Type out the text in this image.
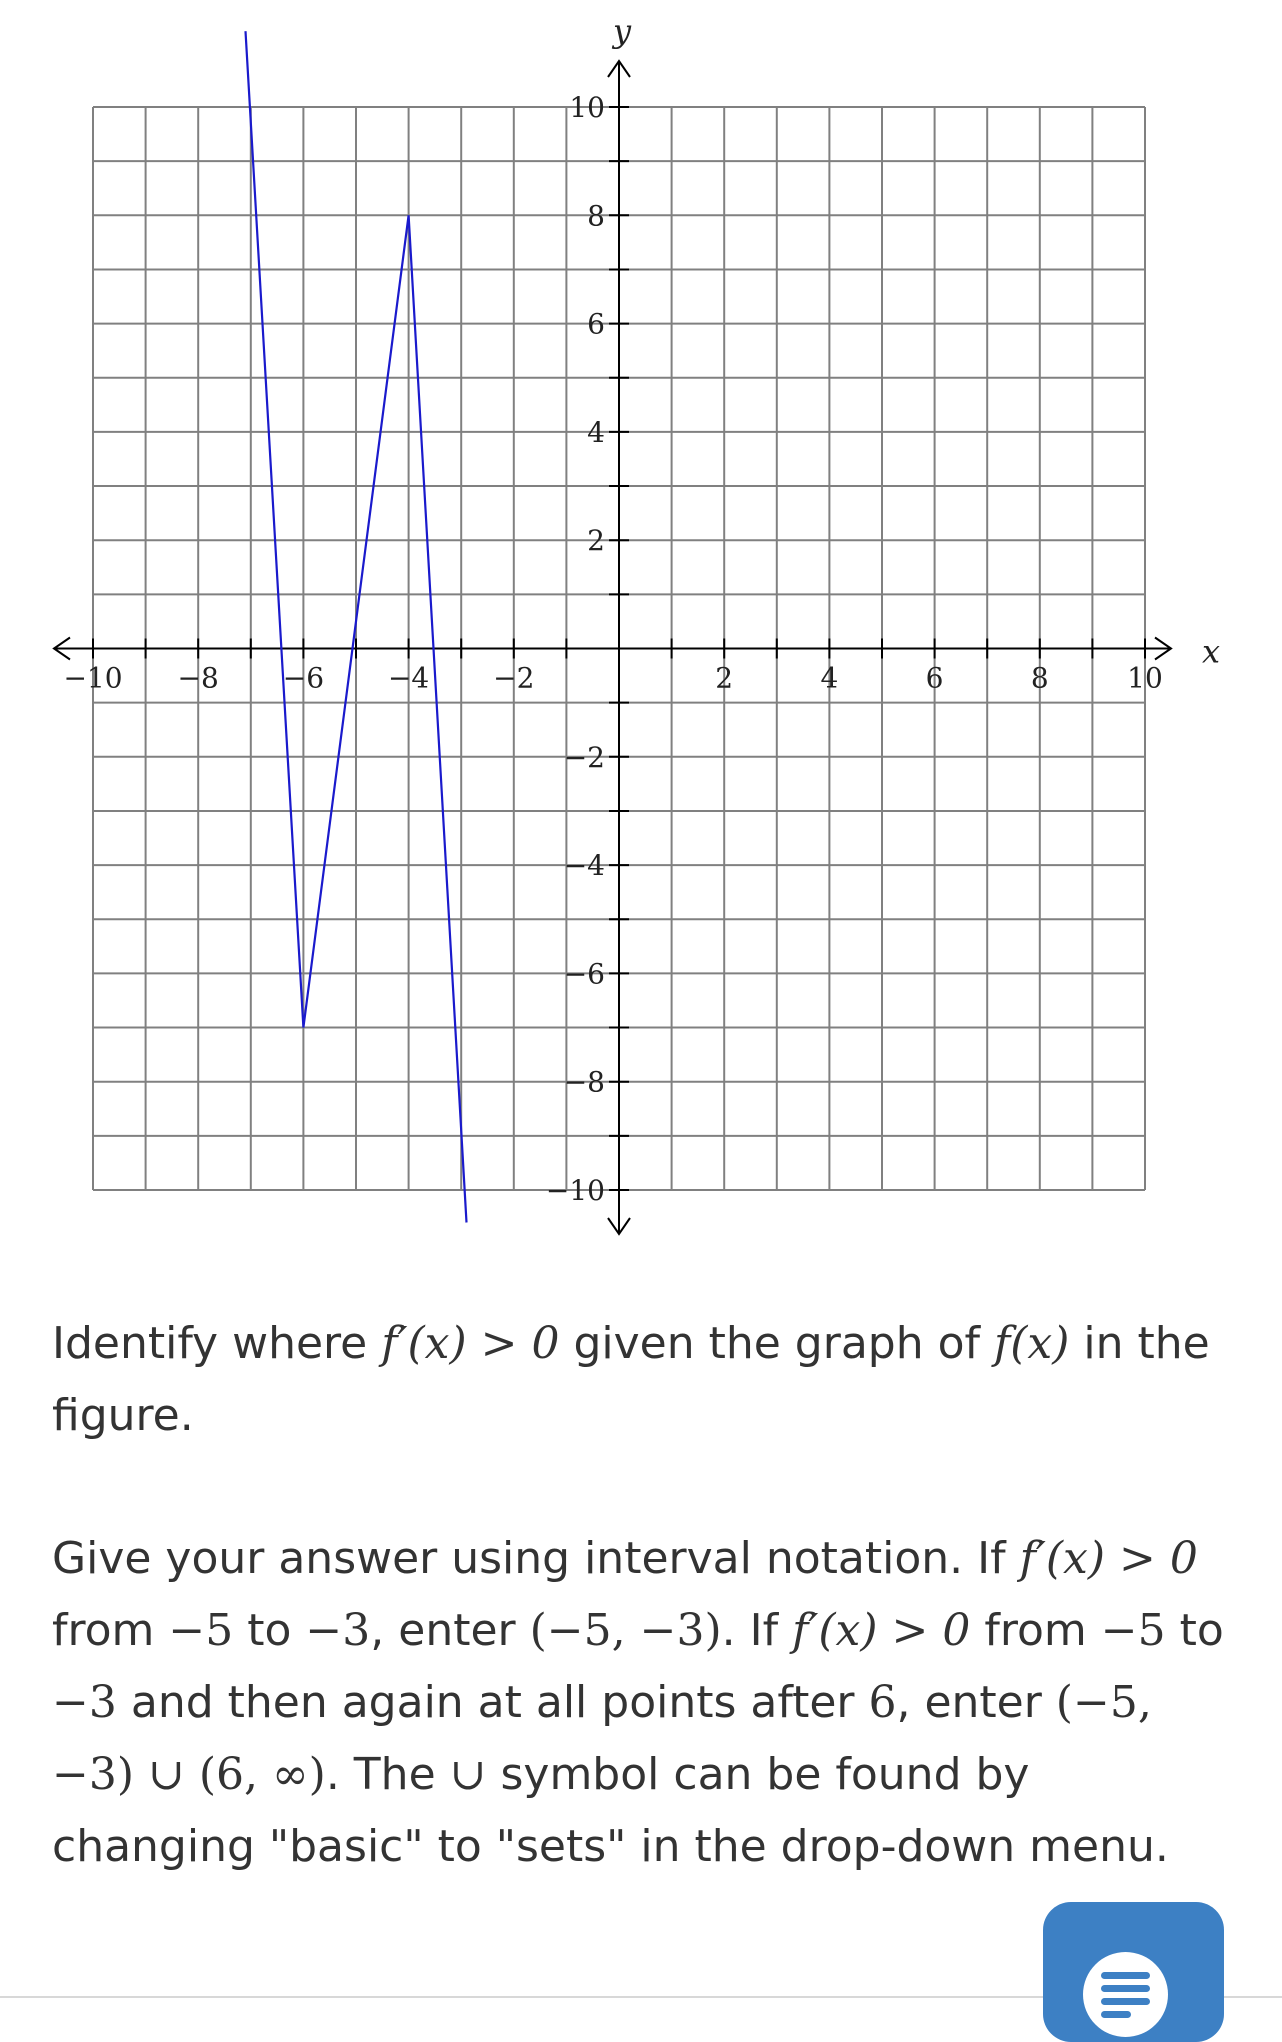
−10 −8 −6 −4 −2	2	4	6	8	10
10
8
6
4
2
−2
−4
−6
−8
−10
x
y

Identify where f′(x) > 0 given the graph of f(x) in the figure.

Give your answer using interval notation. If f′(x) > 0 from −5 to −3, enter (−5, −3). If f′(x) > 0 from −5 to −3 and then again at all points after 6, enter (−5, −3) ∪ (6, ∞). The ∪ symbol can be found by changing "basic" to "sets" in the drop-down menu.
